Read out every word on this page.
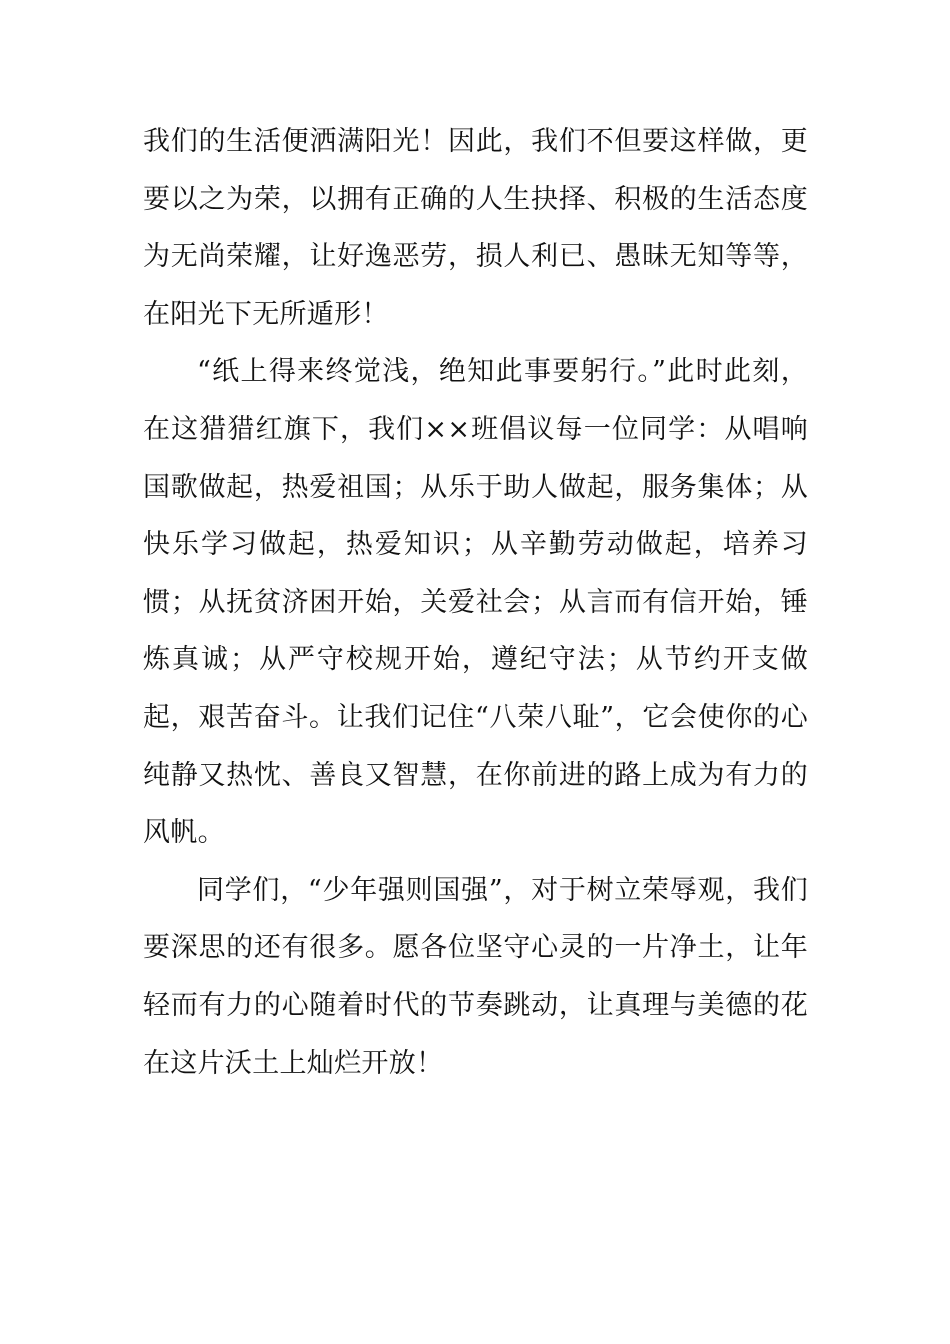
我们的生活便洒满阳光！因此，我们不但要这样做，更要以之为荣，以拥有正确的人生抉择、积极的生活态度为无尚荣耀，让好逸恶劳，损人利已、愚昧无知等等，在阳光下无所遁形！

“纸上得来终觉浅，绝知此事要躬行。”此时此刻，在这猎猎红旗下，我们××班倡议每一位同学：从唱响国歌做起，热爱祖国；从乐于助人做起，服务集体；从快乐学习做起，热爱知识；从辛勤劳动做起，培养习惯；从抚贫济困开始，关爱社会；从言而有信开始，锤炼真诚；从严守校规开始，遵纪守法；从节约开支做起，艰苦奋斗。让我们记住“八荣八耻”，它会使你的心纯静又热忱、善良又智慧，在你前进的路上成为有力的风帆。

同学们，“少年强则国强”，对于树立荣辱观，我们要深思的还有很多。愿各位坚守心灵的一片净土，让年轻而有力的心随着时代的节奏跳动，让真理与美德的花在这片沃土上灿烂开放！
